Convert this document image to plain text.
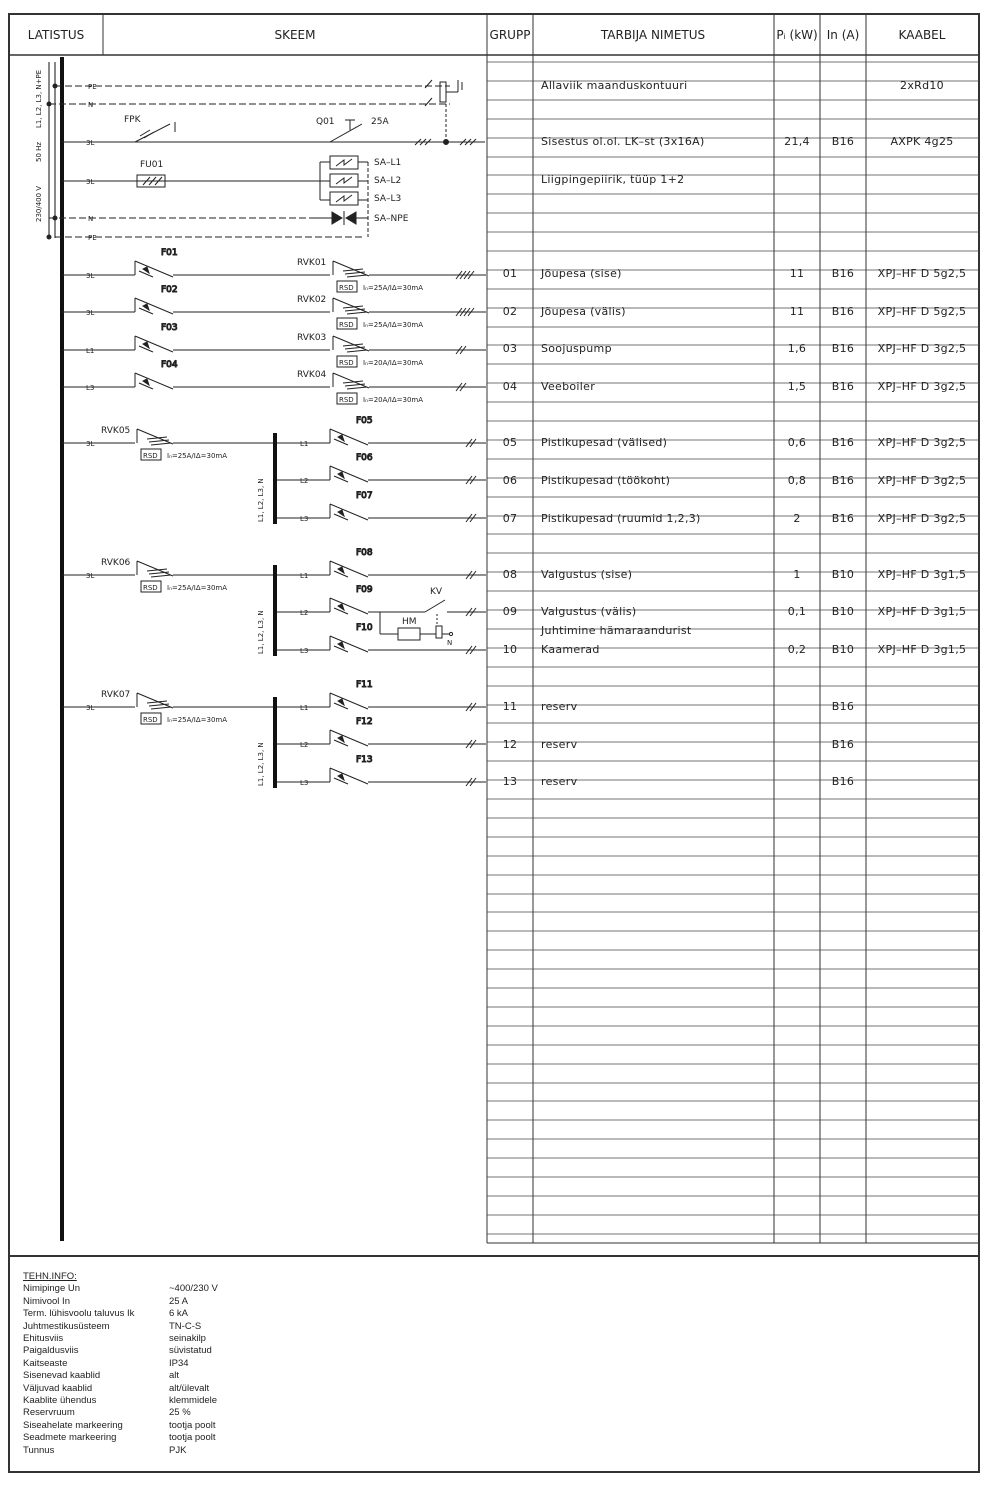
LATISTUS	SKEEM	GRUPP	TARBIJA NIMETUS	Pᵢ (kW) In (A)	KAABEL
Allaviik maanduskontuuri	2xRd10
Sisestus ol.ol. LK–st (3x16A)	21,4 B16	AXPK 4g25
Liigpingepiirik, tüüp 1+2
01 Jõupesa (sise)	11 B16 XPJ–HF D 5g2,5
02 Jõupesa (välis)	11 B16 XPJ–HF D 5g2,5
03 Soojuspump	1,6 B16 XPJ–HF D 3g2,5
04 Veeboiler	1,5 B16 XPJ–HF D 3g2,5
05 Pistikupesad (välised)	0,6 B16 XPJ–HF D 3g2,5
06 Pistikupesad (töökoht)	0,8 B16 XPJ–HF D 3g2,5
07 Pistikupesad (ruumid 1,2,3)	2	B16 XPJ–HF D 3g2,5
08 Valgustus (sise)	1	B10 XPJ–HF D 3g1,5
09 Valgustus (välis)	0,1 B10 XPJ–HF D 3g1,5
Juhtimine hämaraandurist
10 Kaamerad	0,2 B10 XPJ–HF D 3g1,5
11 reserv	B16
12 reserv	B16
13 reserv	B16
L1, L2, L3, N+PE
50 Hz
230/400 V
PE
N
3L
3L
N
PE
FPK	Q01	25A
FU01	SA–L1
SA–L2
SA–L3
SA–NPE
3L
F01
RSD Iₙ=25A/IΔ=30mA
RVK01
3L
F02
RSD Iₙ=25A/IΔ=30mA
RVK02
L1
F03
RSD Iₙ=20A/IΔ=30mA
RVK03
L3
F04
RSD Iₙ=20A/IΔ=30mA
RVK04
3L
RSD Iₙ=25A/IΔ=30mA
RVK05
L1, L2, L3, N
L1
F05
L2
F06
L3
F07
3L
RSD Iₙ=25A/IΔ=30mA
RVK06
L1, L2, L3, N
L1
F08
L2
F09	KV
HM
N
L3
F10
3L
RSD Iₙ=25A/IΔ=30mA
RVK07
L1, L2, L3, N
L1
F11
L2
F12
L3
F13
TEHN.INFO:
Nimipinge Un	~400/230 V
Nimivool In	25 A
Term. lühisvoolu taluvus Ik	6 kA
Juhtmestikusüsteem	TN-C-S
Ehitusviis	seinakilp
Paigaldusviis	süvistatud
Kaitseaste	IP34
Sisenevad kaablid	alt
Väljuvad kaablid	alt/ülevalt
Kaablite ühendus	klemmidele
Reservruum	25 %
Siseahelate markeering	tootja poolt
Seadmete markeering	tootja poolt
Tunnus	PJK
